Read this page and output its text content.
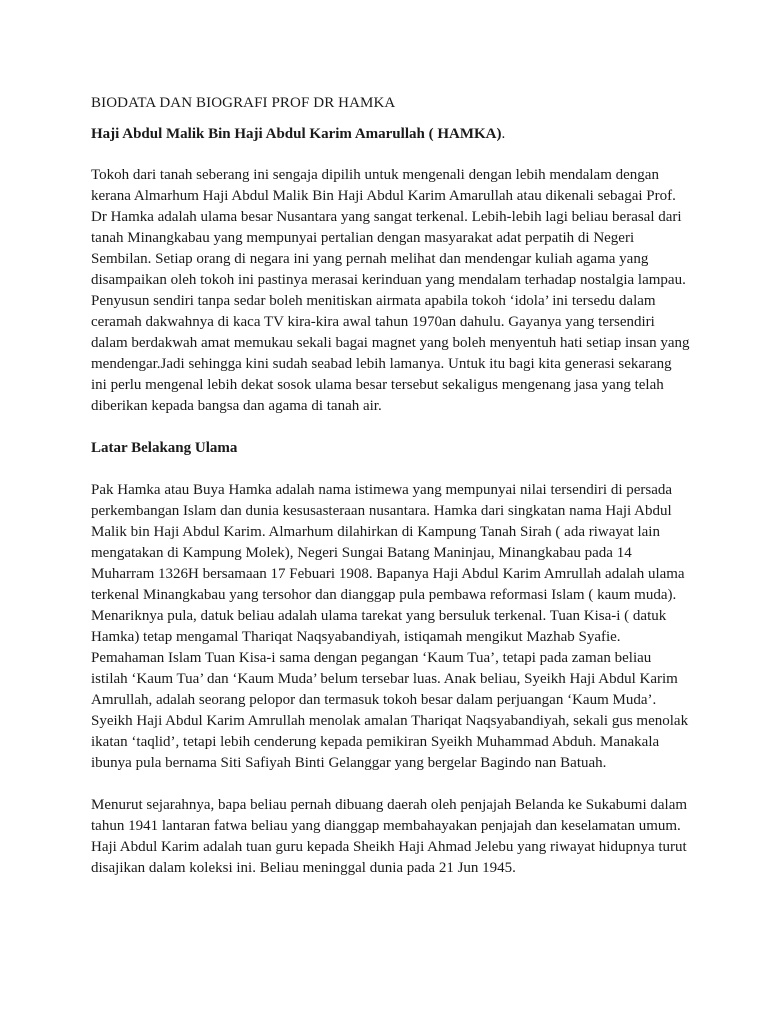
BIODATA DAN BIOGRAFI PROF DR HAMKA
Haji Abdul Malik Bin Haji Abdul Karim Amarullah ( HAMKA).

Tokoh dari tanah seberang ini sengaja dipilih untuk mengenali dengan lebih mendalam dengan kerana Almarhum Haji Abdul Malik Bin Haji Abdul Karim Amarullah atau dikenali sebagai Prof. Dr Hamka adalah ulama besar Nusantara yang sangat terkenal. Lebih-lebih lagi beliau berasal dari tanah Minangkabau yang mempunyai pertalian dengan masyarakat adat perpatih di Negeri Sembilan. Setiap orang di negara ini yang pernah melihat dan mendengar kuliah agama yang disampaikan oleh tokoh ini pastinya merasai kerinduan yang mendalam terhadap nostalgia lampau. Penyusun sendiri tanpa sedar boleh menitiskan airmata apabila tokoh ‘idola’ ini tersedu dalam ceramah dakwahnya di kaca TV kira-kira awal tahun 1970an dahulu. Gayanya yang tersendiri dalam berdakwah amat memukau sekali bagai magnet yang boleh menyentuh hati setiap insan yang mendengar.Jadi sehingga kini sudah seabad lebih lamanya. Untuk itu bagi kita generasi sekarang ini perlu mengenal lebih dekat sosok ulama besar tersebut sekaligus mengenang jasa yang telah diberikan kepada bangsa dan agama di tanah air.

Latar Belakang Ulama

Pak Hamka atau Buya Hamka adalah nama istimewa yang mempunyai nilai tersendiri di persada perkembangan Islam dan dunia kesusasteraan nusantara. Hamka dari singkatan nama Haji Abdul Malik bin Haji Abdul Karim. Almarhum dilahirkan di Kampung Tanah Sirah ( ada riwayat lain mengatakan di Kampung Molek), Negeri Sungai Batang Maninjau, Minangkabau pada 14 Muharram 1326H bersamaan 17 Febuari 1908. Bapanya Haji Abdul Karim Amrullah adalah ulama terkenal Minangkabau yang tersohor dan dianggap pula pembawa reformasi Islam ( kaum muda). Menariknya pula, datuk beliau adalah ulama tarekat yang bersuluk terkenal. Tuan Kisa-i ( datuk Hamka) tetap mengamal Thariqat Naqsyabandiyah, istiqamah mengikut Mazhab Syafie. Pemahaman Islam Tuan Kisa-i sama dengan pegangan ‘Kaum Tua’, tetapi pada zaman beliau istilah ‘Kaum Tua’ dan ‘Kaum Muda’ belum tersebar luas. Anak beliau, Syeikh Haji Abdul Karim Amrullah, adalah seorang pelopor dan termasuk tokoh besar dalam perjuangan ‘Kaum Muda’. Syeikh Haji Abdul Karim Amrullah menolak amalan Thariqat Naqsyabandiyah, sekali gus menolak ikatan ‘taqlid’, tetapi lebih cenderung kepada pemikiran Syeikh Muhammad Abduh. Manakala ibunya pula bernama Siti Safiyah Binti Gelanggar yang bergelar Bagindo nan Batuah.

Menurut sejarahnya, bapa beliau pernah dibuang daerah oleh penjajah Belanda ke Sukabumi dalam tahun 1941 lantaran fatwa beliau yang dianggap membahayakan penjajah dan keselamatan umum. Haji Abdul Karim adalah tuan guru kepada Sheikh Haji Ahmad Jelebu yang riwayat hidupnya turut disajikan dalam koleksi ini. Beliau meninggal dunia pada 21 Jun 1945.
